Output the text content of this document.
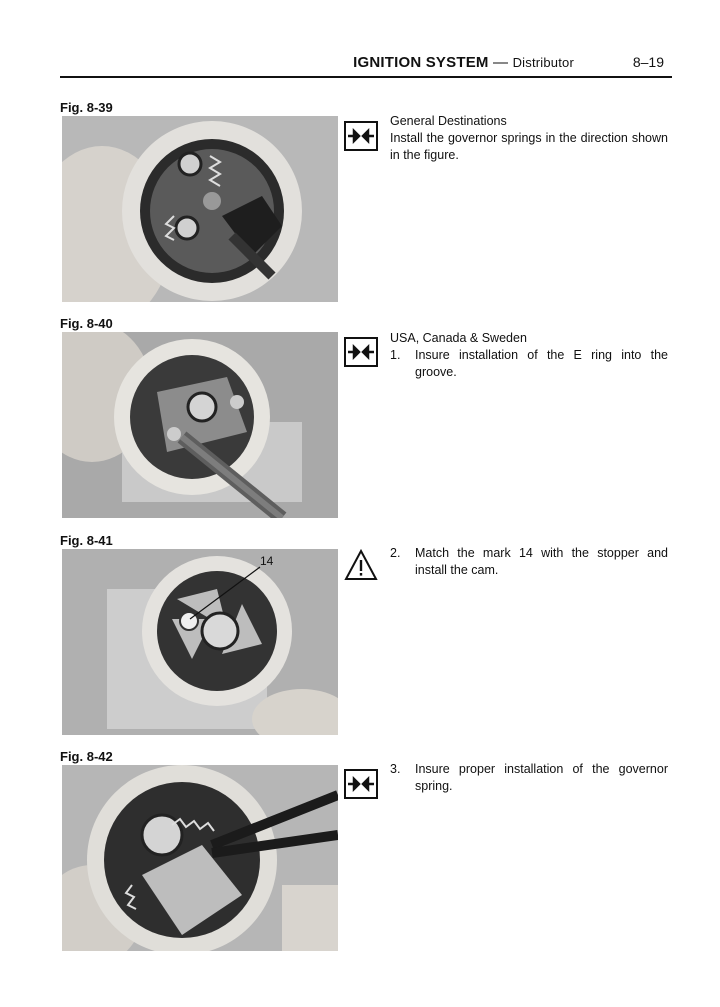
IGNITION SYSTEM — Distributor	8–19
Fig. 8-39
Fig. 8-40
Fig. 8-41
14
Fig. 8-42
General Destinations
Install the governor springs in the direction shown in the figure.
USA, Canada & Sweden
1.	Insure installation of the E ring into the groove.
2.	Match the mark 14 with the stopper and install the cam.
3.	Insure proper installation of the governor spring.
